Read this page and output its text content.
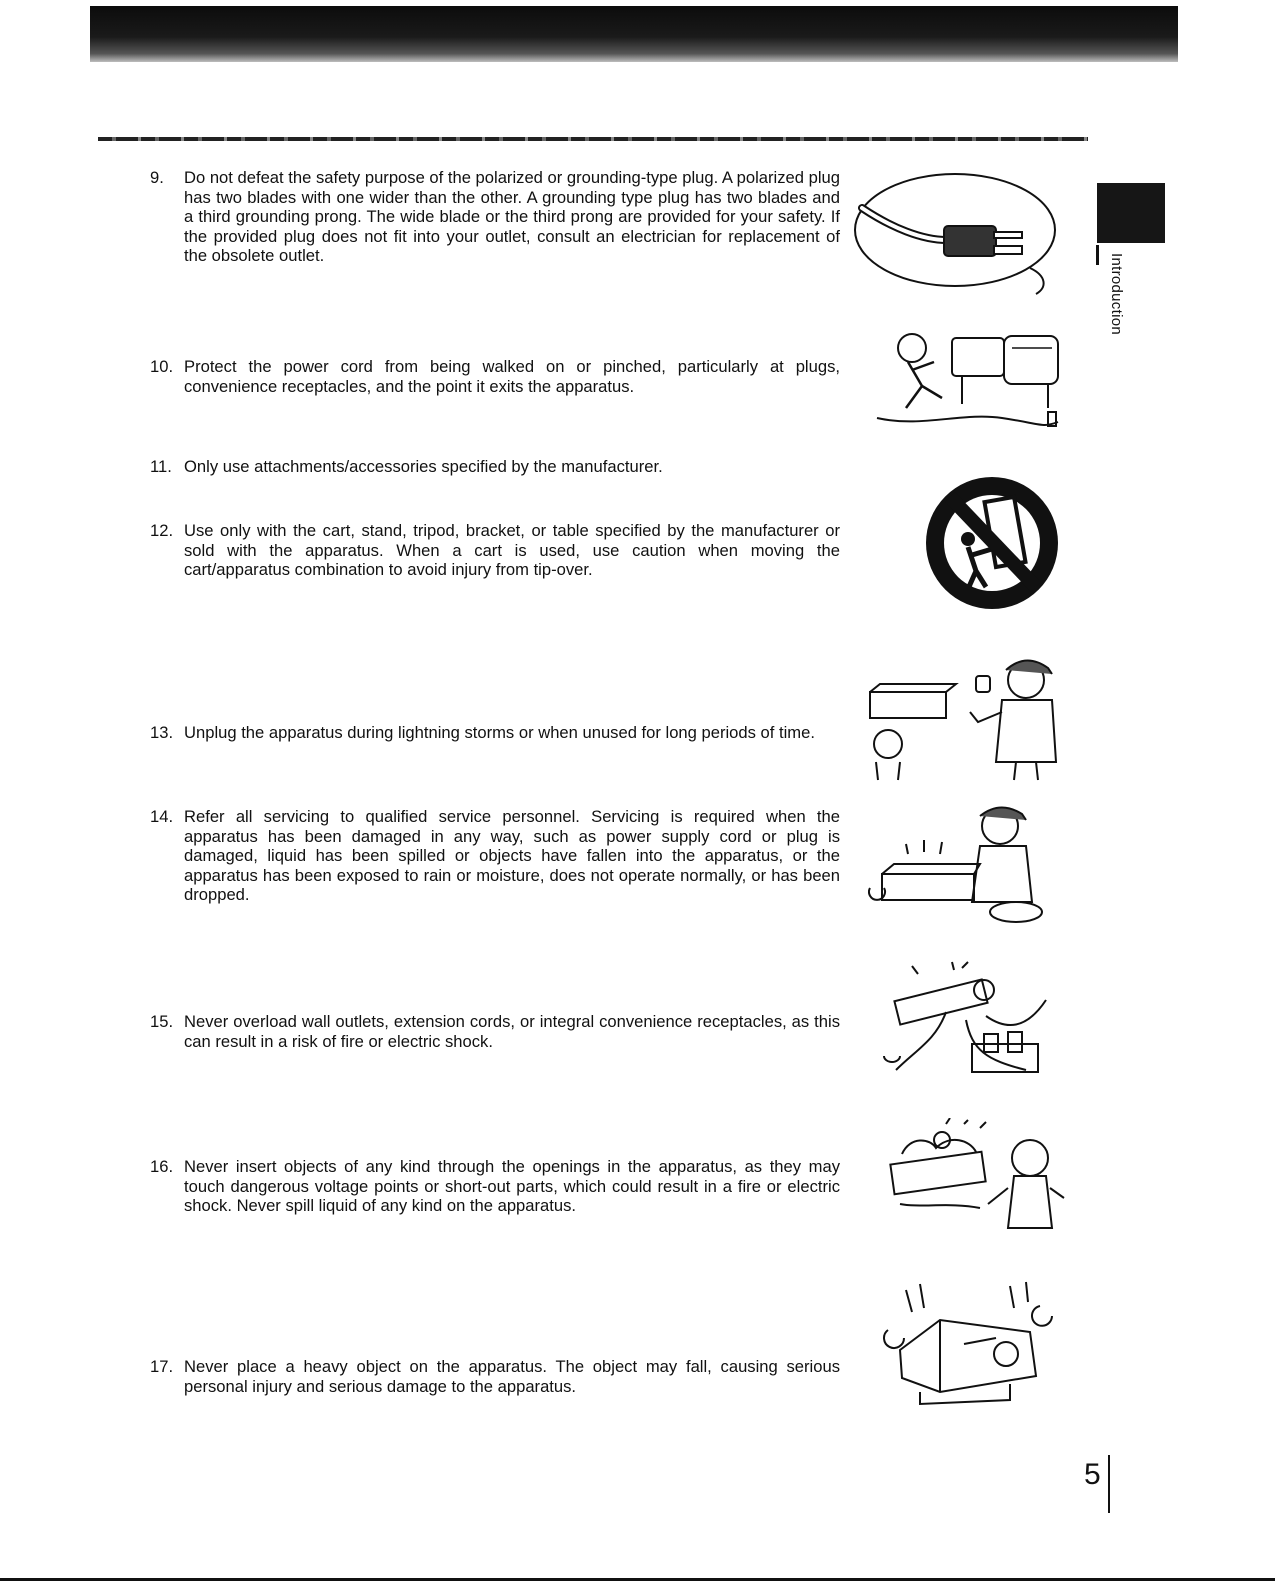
Introduction
9. Do not defeat the safety purpose of the polarized or grounding-type plug. A polarized plug has two blades with one wider than the other. A grounding type plug has two blades and a third grounding prong. The wide blade or the third prong are provided for your safety. If the provided plug does not fit into your outlet, consult an electrician for replacement of the obsolete outlet.
10. Protect the power cord from being walked on or pinched, particularly at plugs, convenience receptacles, and the point it exits the apparatus.
11. Only use attachments/accessories specified by the manufacturer.
12. Use only with the cart, stand, tripod, bracket, or table specified by the manufacturer or sold with the apparatus. When a cart is used, use caution when moving the cart/apparatus combination to avoid injury from tip-over.
13. Unplug the apparatus during lightning storms or when unused for long periods of time.
14. Refer all servicing to qualified service personnel. Servicing is required when the apparatus has been damaged in any way, such as power supply cord or plug is damaged, liquid has been spilled or objects have fallen into the apparatus, or the apparatus has been exposed to rain or moisture, does not operate normally, or has been dropped.
15. Never overload wall outlets, extension cords, or integral convenience receptacles, as this can result in a risk of fire or electric shock.
16. Never insert objects of any kind through the openings in the apparatus, as they may touch dangerous voltage points or short-out parts, which could result in a fire or electric shock. Never spill liquid of any kind on the apparatus.
17. Never place a heavy object on the apparatus. The object may fall, causing serious personal injury and serious damage to the apparatus.
5
